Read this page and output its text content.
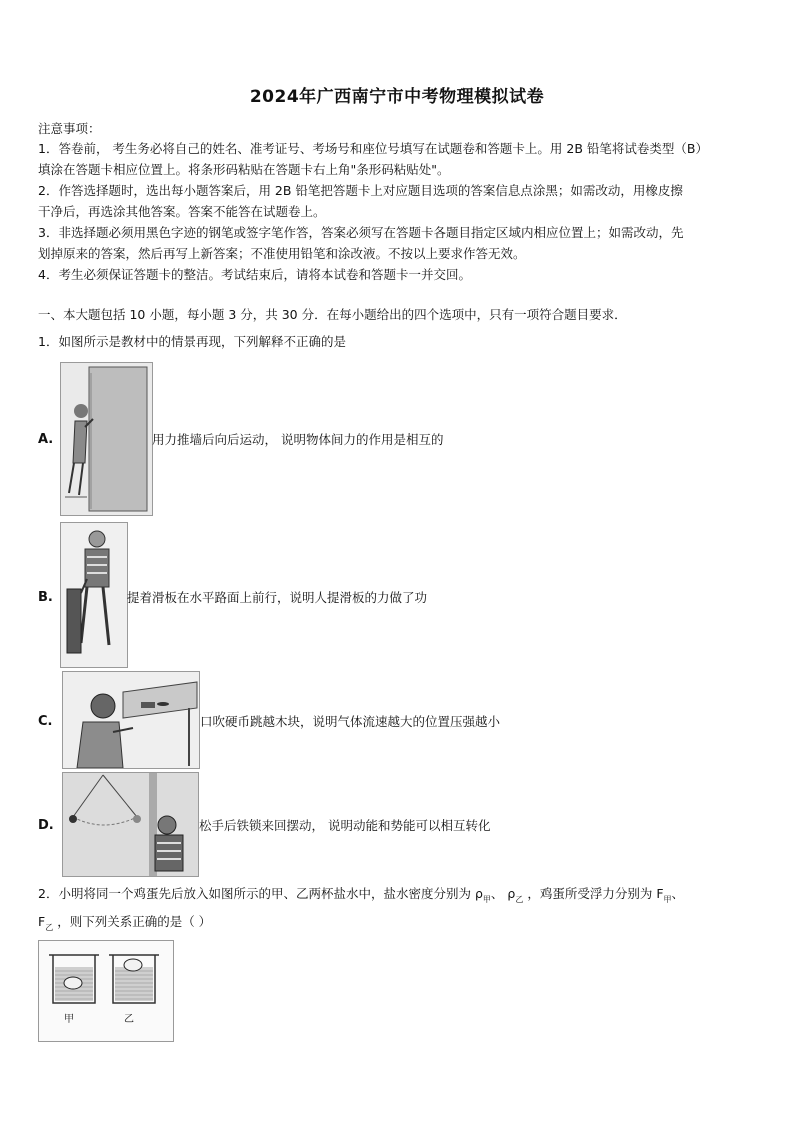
2024年广西南宁市中考物理模拟试卷
注意事项：
1．答卷前， 考生务必将自己的姓名、准考证号、考场号和座位号填写在试题卷和答题卡上。用 2B 铅笔将试卷类型（B）
填涂在答题卡相应位置上。将条形码粘贴在答题卡右上角"条形码粘贴处"。
2．作答选择题时，选出每小题答案后，用 2B 铅笔把答题卡上对应题目选项的答案信息点涂黑；如需改动，用橡皮擦
干净后，再选涂其他答案。答案不能答在试题卷上。
3．非选择题必须用黑色字迹的钢笔或签字笔作答，答案必须写在答题卡各题目指定区域内相应位置上；如需改动，先
划掉原来的答案，然后再写上新答案；不准使用铅笔和涂改液。不按以上要求作答无效。
4．考生必须保证答题卡的整洁。考试结束后，请将本试卷和答题卡一并交回。
一、本大题包括 10 小题，每小题 3 分，共 30 分．在每小题给出的四个选项中，只有一项符合题目要求．
1．如图所示是教材中的情景再现，下列解释不正确的是
A.	用力推墙后向后运动， 说明物体间力的作用是相互的
B.	提着滑板在水平路面上前行，说明人提滑板的力做了功
C.	口吹硬币跳越木块，说明气体流速越大的位置压强越小
D.	松手后铁锁来回摆动， 说明动能和势能可以相互转化
2．小明将同一个鸡蛋先后放入如图所示的甲、乙两杯盐水中，盐水密度分别为 $\rho_甲$、 $\rho_乙$ ，鸡蛋所受浮力分别为 $F_甲$、
$F_乙$ ，则下列关系正确的是（ ）
甲	乙
